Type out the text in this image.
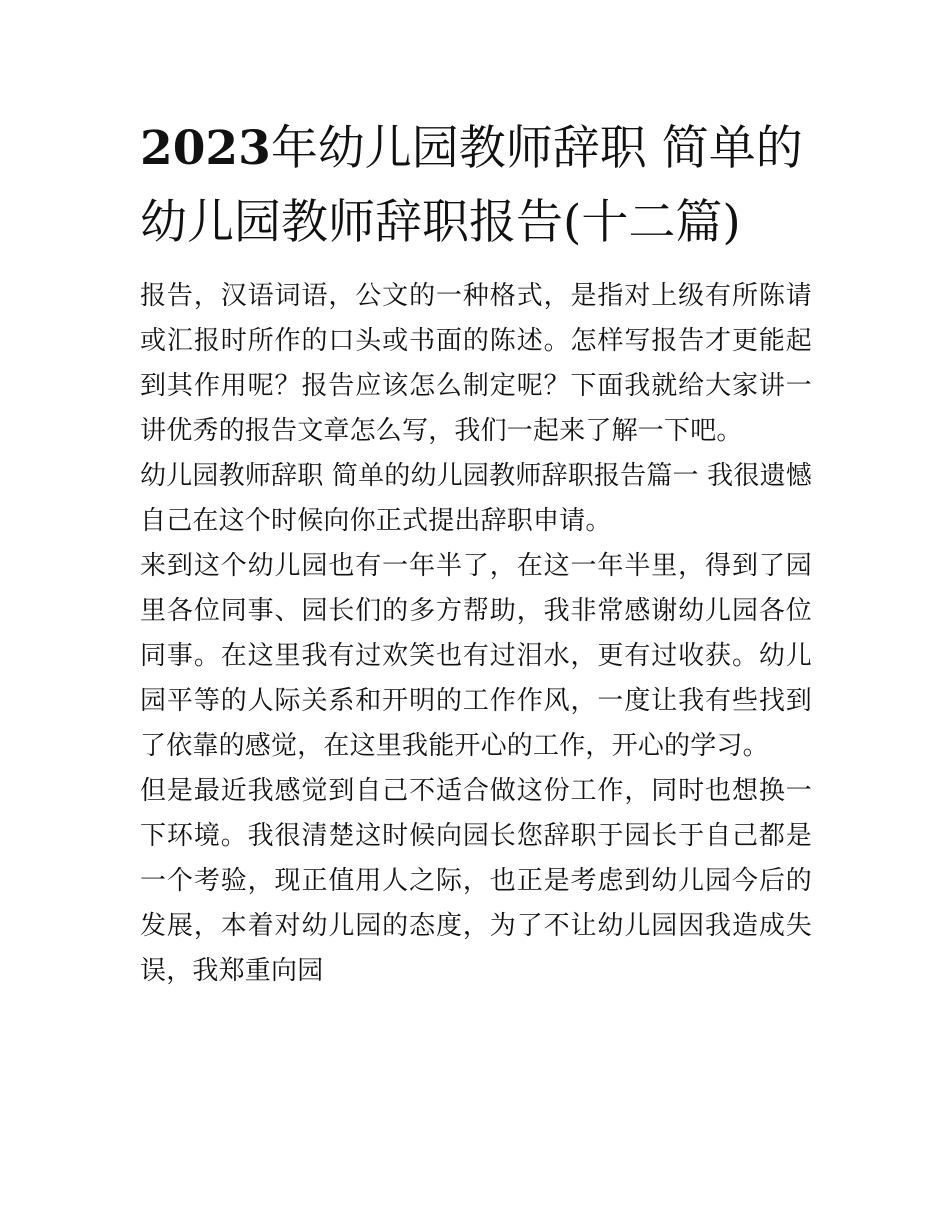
2023年幼儿园教师辞职 简单的幼儿园教师辞职报告(十二篇)

报告，汉语词语，公文的一种格式，是指对上级有所陈请或汇报时所作的口头或书面的陈述。怎样写报告才更能起到其作用呢？报告应该怎么制定呢？下面我就给大家讲一讲优秀的报告文章怎么写，我们一起来了解一下吧。

幼儿园教师辞职 简单的幼儿园教师辞职报告篇一 我很遗憾自己在这个时候向你正式提出辞职申请。

来到这个幼儿园也有一年半了，在这一年半里，得到了园里各位同事、园长们的多方帮助，我非常感谢幼儿园各位同事。在这里我有过欢笑也有过泪水，更有过收获。幼儿园平等的人际关系和开明的工作作风，一度让我有些找到了依靠的感觉，在这里我能开心的工作，开心的学习。

但是最近我感觉到自己不适合做这份工作，同时也想换一下环境。我很清楚这时候向园长您辞职于园长于自己都是一个考验，现正值用人之际，也正是考虑到幼儿园今后的发展，本着对幼儿园的态度，为了不让幼儿园因我造成失误，我郑重向园
